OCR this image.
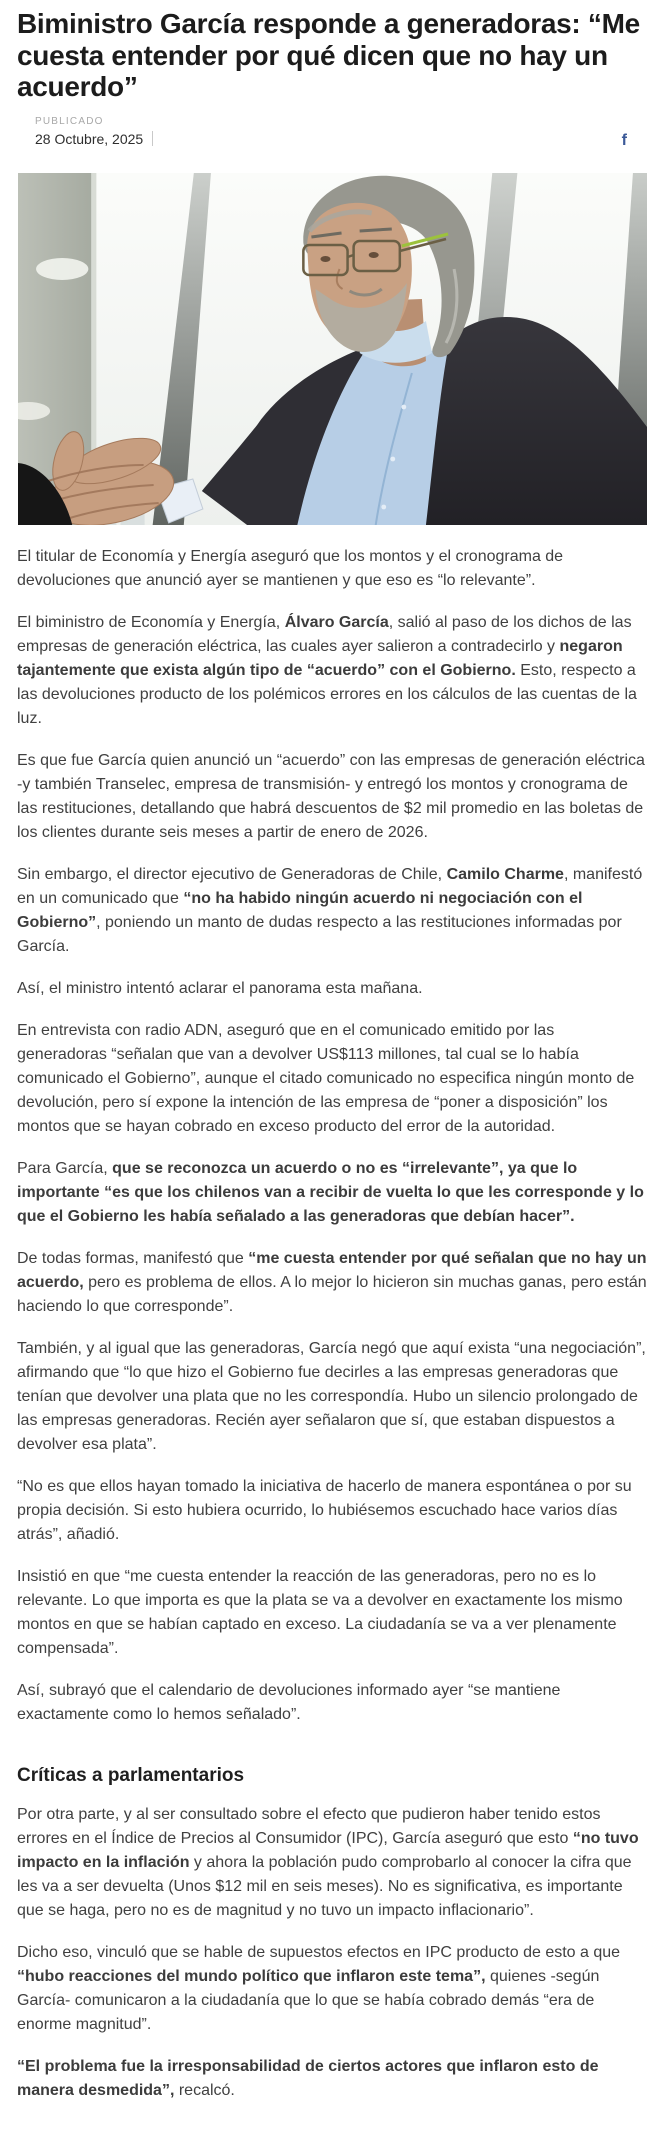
Biministro García responde a generadoras: “Me cuesta entender por qué dicen que no hay un acuerdo”
PUBLICADO
28 Octubre, 2025	f

El titular de Economía y Energía aseguró que los montos y el cronograma de devoluciones que anunció ayer se mantienen y que eso es “lo relevante”.

El biministro de Economía y Energía, Álvaro García, salió al paso de los dichos de las empresas de generación eléctrica, las cuales ayer salieron a contradecirlo y negaron tajantemente que exista algún tipo de “acuerdo” con el Gobierno. Esto, respecto a las devoluciones producto de los polémicos errores en los cálculos de las cuentas de la luz.

Es que fue García quien anunció un “acuerdo” con las empresas de generación eléctrica -y también Transelec, empresa de transmisión- y entregó los montos y cronograma de las restituciones, detallando que habrá descuentos de $2 mil promedio en las boletas de los clientes durante seis meses a partir de enero de 2026.

Sin embargo, el director ejecutivo de Generadoras de Chile, Camilo Charme, manifestó en un comunicado que “no ha habido ningún acuerdo ni negociación con el Gobierno”, poniendo un manto de dudas respecto a las restituciones informadas por García.

Así, el ministro intentó aclarar el panorama esta mañana.

En entrevista con radio ADN, aseguró que en el comunicado emitido por las generadoras “señalan que van a devolver US$113 millones, tal cual se lo había comunicado el Gobierno”, aunque el citado comunicado no especifica ningún monto de devolución, pero sí expone la intención de las empresa de “poner a disposición” los montos que se hayan cobrado en exceso producto del error de la autoridad.

Para García, que se reconozca un acuerdo o no es “irrelevante”, ya que lo importante “es que los chilenos van a recibir de vuelta lo que les corresponde y lo que el Gobierno les había señalado a las generadoras que debían hacer”.

De todas formas, manifestó que “me cuesta entender por qué señalan que no hay un acuerdo, pero es problema de ellos. A lo mejor lo hicieron sin muchas ganas, pero están haciendo lo que corresponde”.

También, y al igual que las generadoras, García negó que aquí exista “una negociación”, afirmando que “lo que hizo el Gobierno fue decirles a las empresas generadoras que tenían que devolver una plata que no les correspondía. Hubo un silencio prolongado de las empresas generadoras. Recién ayer señalaron que sí, que estaban dispuestos a devolver esa plata”.

“No es que ellos hayan tomado la iniciativa de hacerlo de manera espontánea o por su propia decisión. Si esto hubiera ocurrido, lo hubiésemos escuchado hace varios días atrás”, añadió.

Insistió en que “me cuesta entender la reacción de las generadoras, pero no es lo relevante. Lo que importa es que la plata se va a devolver en exactamente los mismo montos en que se habían captado en exceso. La ciudadanía se va a ver plenamente compensada”.

Así, subrayó que el calendario de devoluciones informado ayer “se mantiene exactamente como lo hemos señalado”.

Críticas a parlamentarios

Por otra parte, y al ser consultado sobre el efecto que pudieron haber tenido estos errores en el Índice de Precios al Consumidor (IPC), García aseguró que esto “no tuvo impacto en la inflación y ahora la población pudo comprobarlo al conocer la cifra que les va a ser devuelta (Unos $12 mil en seis meses). No es significativa, es importante que se haga, pero no es de magnitud y no tuvo un impacto inflacionario”.

Dicho eso, vinculó que se hable de supuestos efectos en IPC producto de esto a que “hubo reacciones del mundo político que inflaron este tema”, quienes -según García- comunicaron a la ciudadanía que lo que se había cobrado demás “era de enorme magnitud”.

“El problema fue la irresponsabilidad de ciertos actores que inflaron esto de manera desmedida”, recalcó.
